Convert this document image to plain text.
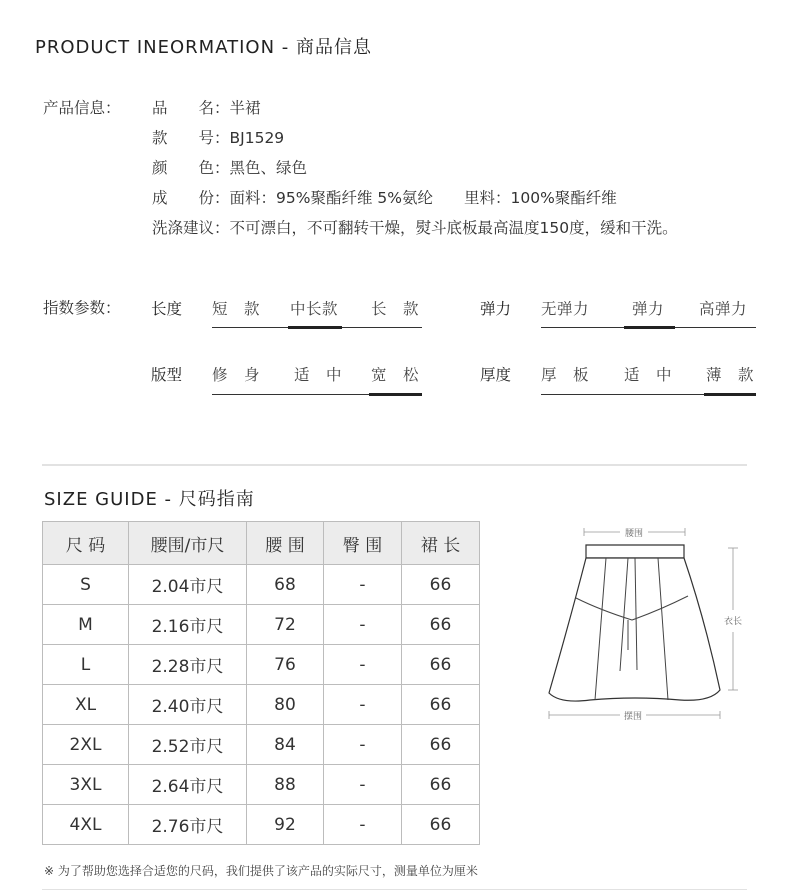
PRODUCT INEORMATION - 商品信息
产品信息： 品　　名：半裙
款　　号：BJ1529
颜　　色：黑色、绿色
成　　份：面料：95%聚酯纤维 5%氨纶　　里料：100%聚酯纤维
洗涤建议：不可漂白，不可翻转干燥，熨斗底板最高温度150度，缓和干洗。
指数参数： 长度 短　款 中长款 长　款	弹力 无弹力	弹力 高弹力
版型 修　身 适　中 宽　松	厚度 厚　板 适　中 薄　款
SIZE GUIDE - 尺码指南
尺 码	腰围/市尺	腰 围	臀 围	裙 长
S	2.04市尺	68	-	66
M	2.16市尺	72	-	66
L	2.28市尺	76	-	66
XL	2.40市尺	80	-	66
2XL	2.52市尺	84	-	66
3XL	2.64市尺	88	-	66
4XL	2.76市尺	92	-	66
腰围
衣长
摆围
※ 为了帮助您选择合适您的尺码，我们提供了该产品的实际尺寸，测量单位为厘米
